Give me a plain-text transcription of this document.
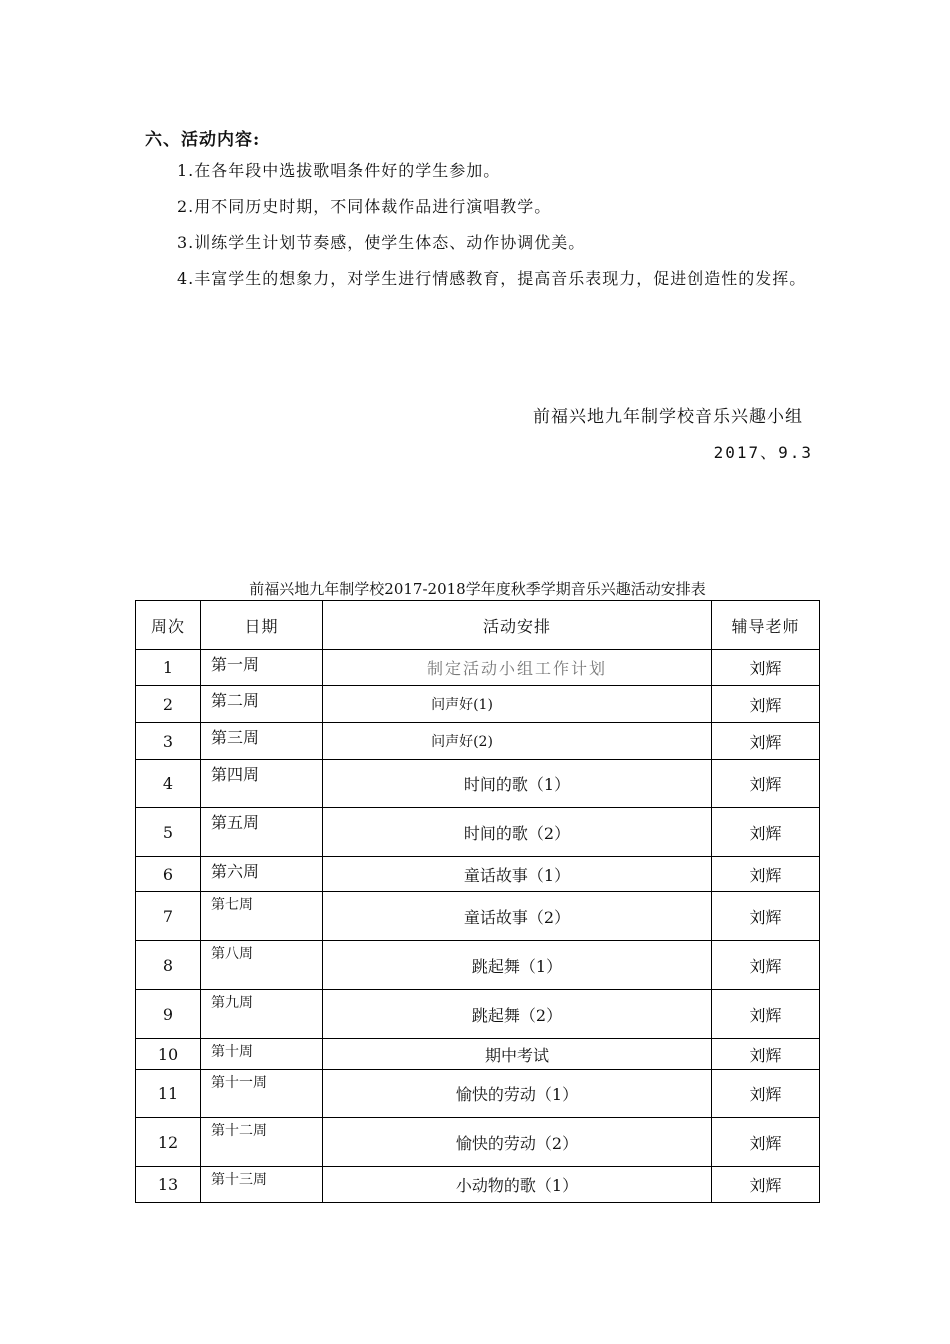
六、活动内容:
1.在各年段中选拔歌唱条件好的学生参加。
2.用不同历史时期，不同体裁作品进行演唱教学。
3.训练学生计划节奏感，使学生体态、动作协调优美。
4.丰富学生的想象力，对学生进行情感教育，提高音乐表现力，促进创造性的发挥。
前福兴地九年制学校音乐兴趣小组
2017、9.3
前福兴地九年制学校2017-2018学年度秋季学期音乐兴趣活动安排表
周次	日期	活动安排	辅导老师
1	第一周	制定活动小组工作计划	刘辉
2	第二周	问声好(1)	刘辉
3	第三周	问声好(2)	刘辉
4	第四周	时间的歌（1）	刘辉
5	第五周	时间的歌（2）	刘辉
6	第六周	童话故事（1）	刘辉
7	第七周	童话故事（2）	刘辉
8	第八周	跳起舞（1）	刘辉
9	第九周	跳起舞（2）	刘辉
10	第十周	期中考试	刘辉
11	第十一周	愉快的劳动（1）	刘辉
12	第十二周	愉快的劳动（2）	刘辉
13	第十三周	小动物的歌（1）	刘辉
